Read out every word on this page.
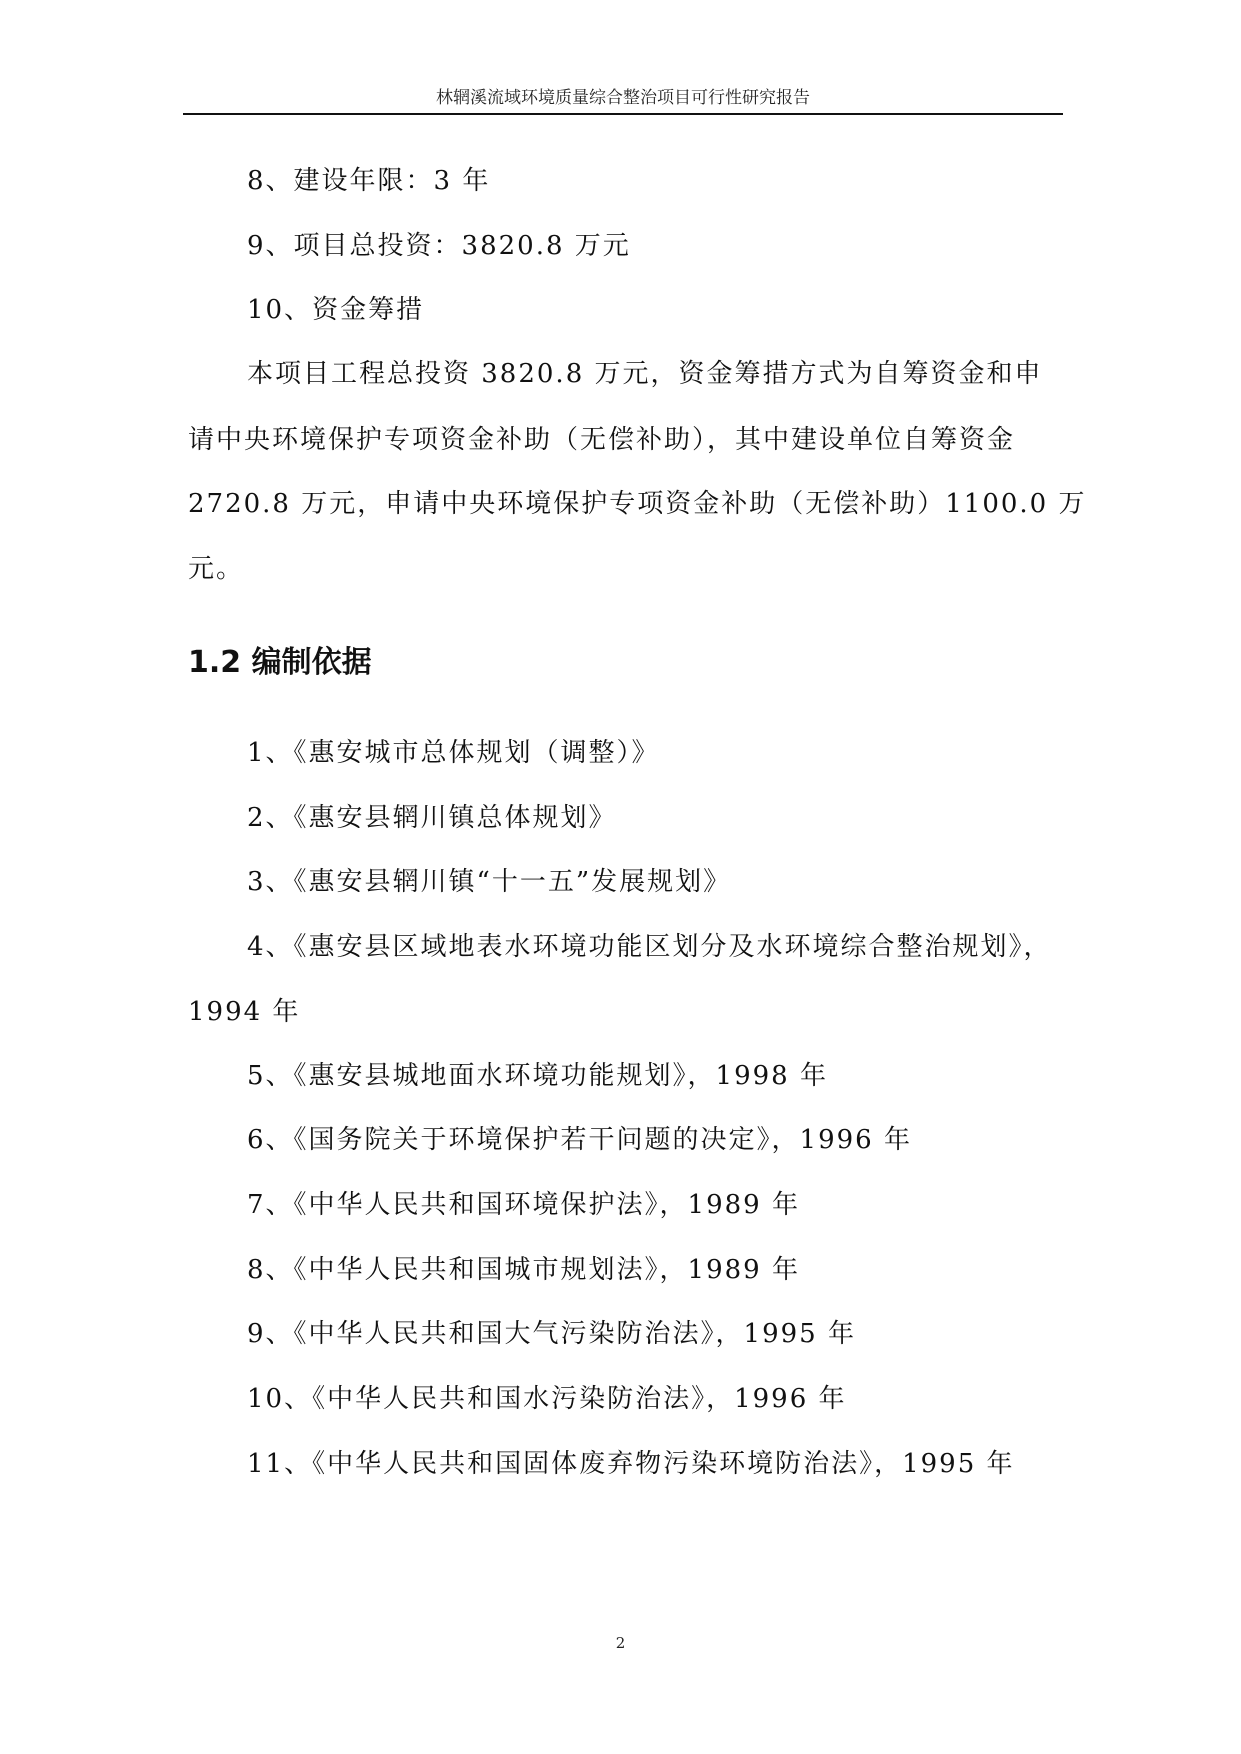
林辋溪流域环境质量综合整治项目可行性研究报告
8、建设年限：3 年
9、项目总投资：3820.8 万元
10、资金筹措
本项目工程总投资 3820.8 万元，资金筹措方式为自筹资金和申
请中央环境保护专项资金补助（无偿补助），其中建设单位自筹资金
2720.8 万元，申请中央环境保护专项资金补助（无偿补助）1100.0 万
元。
1.2 编制依据
1、《惠安城市总体规划（调整）》
2、《惠安县辋川镇总体规划》
3、《惠安县辋川镇“十一五”发展规划》
4、《惠安县区域地表水环境功能区划分及水环境综合整治规划》，
1994 年
5、《惠安县城地面水环境功能规划》，1998 年
6、《国务院关于环境保护若干问题的决定》，1996 年
7、《中华人民共和国环境保护法》，1989 年
8、《中华人民共和国城市规划法》，1989 年
9、《中华人民共和国大气污染防治法》，1995 年
10、《中华人民共和国水污染防治法》，1996 年
11、《中华人民共和国固体废弃物污染环境防治法》，1995 年
2
